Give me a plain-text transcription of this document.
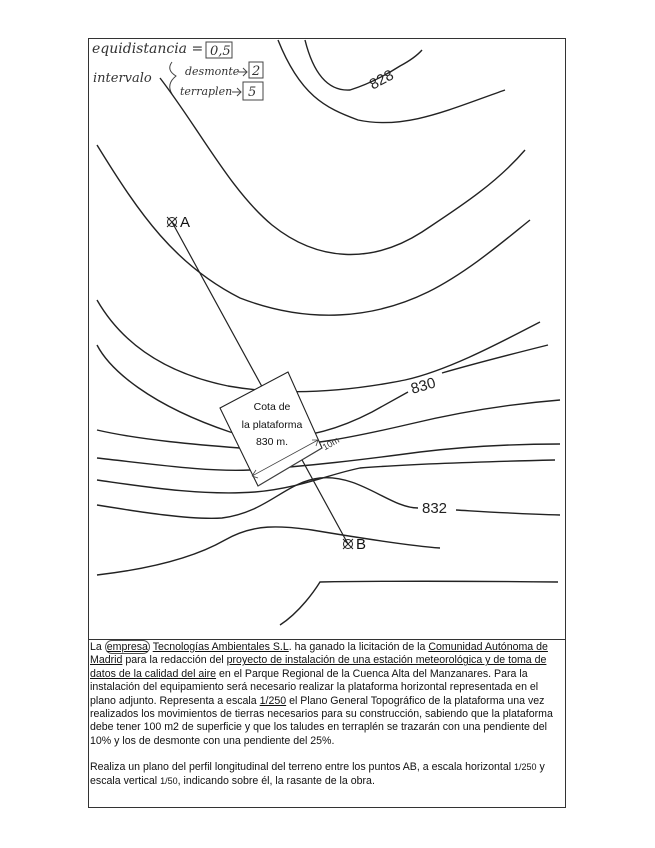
equidistancia = 0,5
intervalo	desmonte 2
terraplen 5	828
830
832
A
B
10m
Cota de
la plataforma
830 m.

La empresa Tecnologías Ambientales S.L. ha ganado la licitación de la Comunidad Autónoma de Madrid para la redacción del proyecto de instalación de una estación meteorológica y de toma de datos de la calidad del aire en el Parque Regional de la Cuenca Alta del Manzanares. Para la instalación del equipamiento será necesario realizar la plataforma horizontal representada en el plano adjunto. Representa a escala 1/250 el Plano General Topográfico de la plataforma una vez realizados los movimientos de tierras necesarios para su construcción, sabiendo que la plataforma debe tener 100 m2 de superficie y que los taludes en terraplén se trazarán con una pendiente del 10% y los de desmonte con una pendiente del 25%.

Realiza un plano del perfil longitudinal del terreno entre los puntos AB, a escala horizontal 1/250 y escala vertical 1/50, indicando sobre él, la rasante de la obra.
